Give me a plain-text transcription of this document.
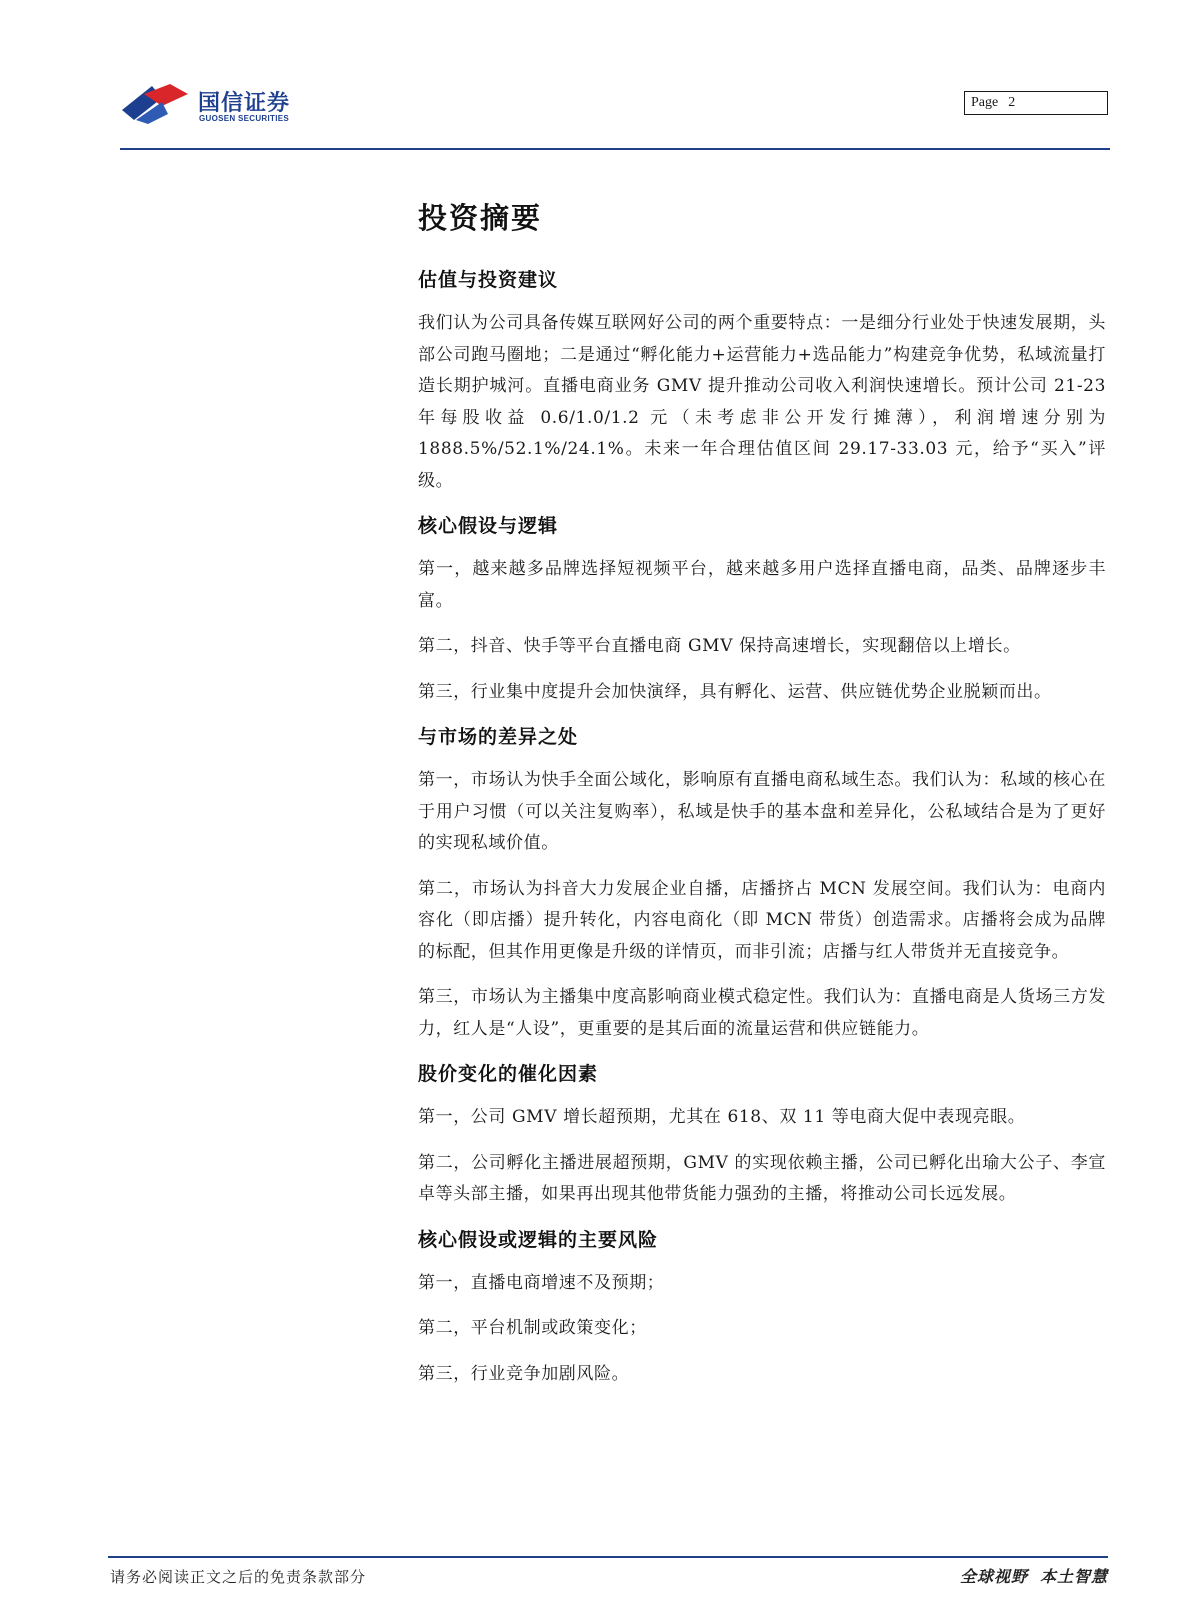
国信证券
GUOSEN SECURITIES
Page 2
投资摘要
估值与投资建议

我们认为公司具备传媒互联网好公司的两个重要特点：一是细分行业处于快速发展期，头部公司跑马圈地；二是通过“孵化能力+运营能力+选品能力”构建竞争优势，私域流量打造长期护城河。直播电商业务 GMV 提升推动公司收入利润快速增长。预计公司 21-23 年每股收益 0.6/1.0/1.2 元（未考虑非公开发行摊薄），利润增速分别为 1888.5%/52.1%/24.1%。未来一年合理估值区间 29.17-33.03 元，给予“买入”评级。

核心假设与逻辑

第一，越来越多品牌选择短视频平台，越来越多用户选择直播电商，品类、品牌逐步丰富。

第二，抖音、快手等平台直播电商 GMV 保持高速增长，实现翻倍以上增长。

第三，行业集中度提升会加快演绎，具有孵化、运营、供应链优势企业脱颖而出。

与市场的差异之处

第一，市场认为快手全面公域化，影响原有直播电商私域生态。我们认为：私域的核心在于用户习惯（可以关注复购率），私域是快手的基本盘和差异化，公私域结合是为了更好的实现私域价值。

第二，市场认为抖音大力发展企业自播，店播挤占 MCN 发展空间。我们认为：电商内容化（即店播）提升转化，内容电商化（即 MCN 带货）创造需求。店播将会成为品牌的标配，但其作用更像是升级的详情页，而非引流；店播与红人带货并无直接竞争。

第三，市场认为主播集中度高影响商业模式稳定性。我们认为：直播电商是人货场三方发力，红人是“人设”，更重要的是其后面的流量运营和供应链能力。

股价变化的催化因素

第一，公司 GMV 增长超预期，尤其在 618、双 11 等电商大促中表现亮眼。

第二，公司孵化主播进展超预期，GMV 的实现依赖主播，公司已孵化出瑜大公子、李宣卓等头部主播，如果再出现其他带货能力强劲的主播，将推动公司长远发展。

核心假设或逻辑的主要风险

第一，直播电商增速不及预期；

第二，平台机制或政策变化；

第三，行业竞争加剧风险。

请务必阅读正文之后的免责条款部分	全球视野 本土智慧
